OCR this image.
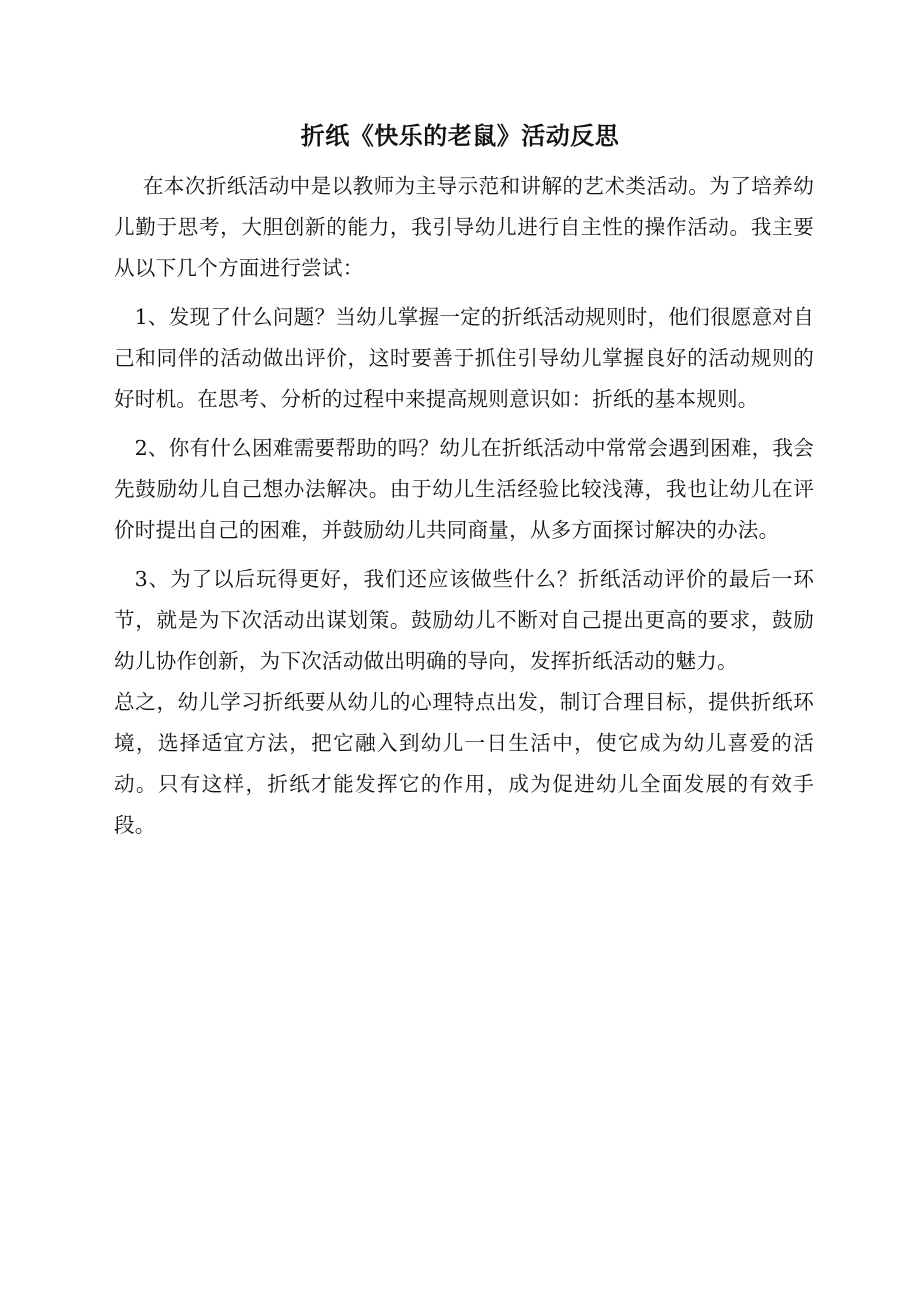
折纸《快乐的老鼠》活动反思

在本次折纸活动中是以教师为主导示范和讲解的艺术类活动。为了培养幼儿勤于思考，大胆创新的能力，我引导幼儿进行自主性的操作活动。我主要从以下几个方面进行尝试：

1、发现了什么问题？当幼儿掌握一定的折纸活动规则时，他们很愿意对自己和同伴的活动做出评价，这时要善于抓住引导幼儿掌握良好的活动规则的好时机。在思考、分析的过程中来提高规则意识如：折纸的基本规则。

2、你有什么困难需要帮助的吗？幼儿在折纸活动中常常会遇到困难，我会先鼓励幼儿自己想办法解决。由于幼儿生活经验比较浅薄，我也让幼儿在评价时提出自己的困难，并鼓励幼儿共同商量，从多方面探讨解决的办法。

3、为了以后玩得更好，我们还应该做些什么？折纸活动评价的最后一环节，就是为下次活动出谋划策。鼓励幼儿不断对自己提出更高的要求，鼓励幼儿协作创新，为下次活动做出明确的导向，发挥折纸活动的魅力。

总之，幼儿学习折纸要从幼儿的心理特点出发，制订合理目标，提供折纸环境，选择适宜方法，把它融入到幼儿一日生活中，使它成为幼儿喜爱的活动。只有这样，折纸才能发挥它的作用，成为促进幼儿全面发展的有效手段。
